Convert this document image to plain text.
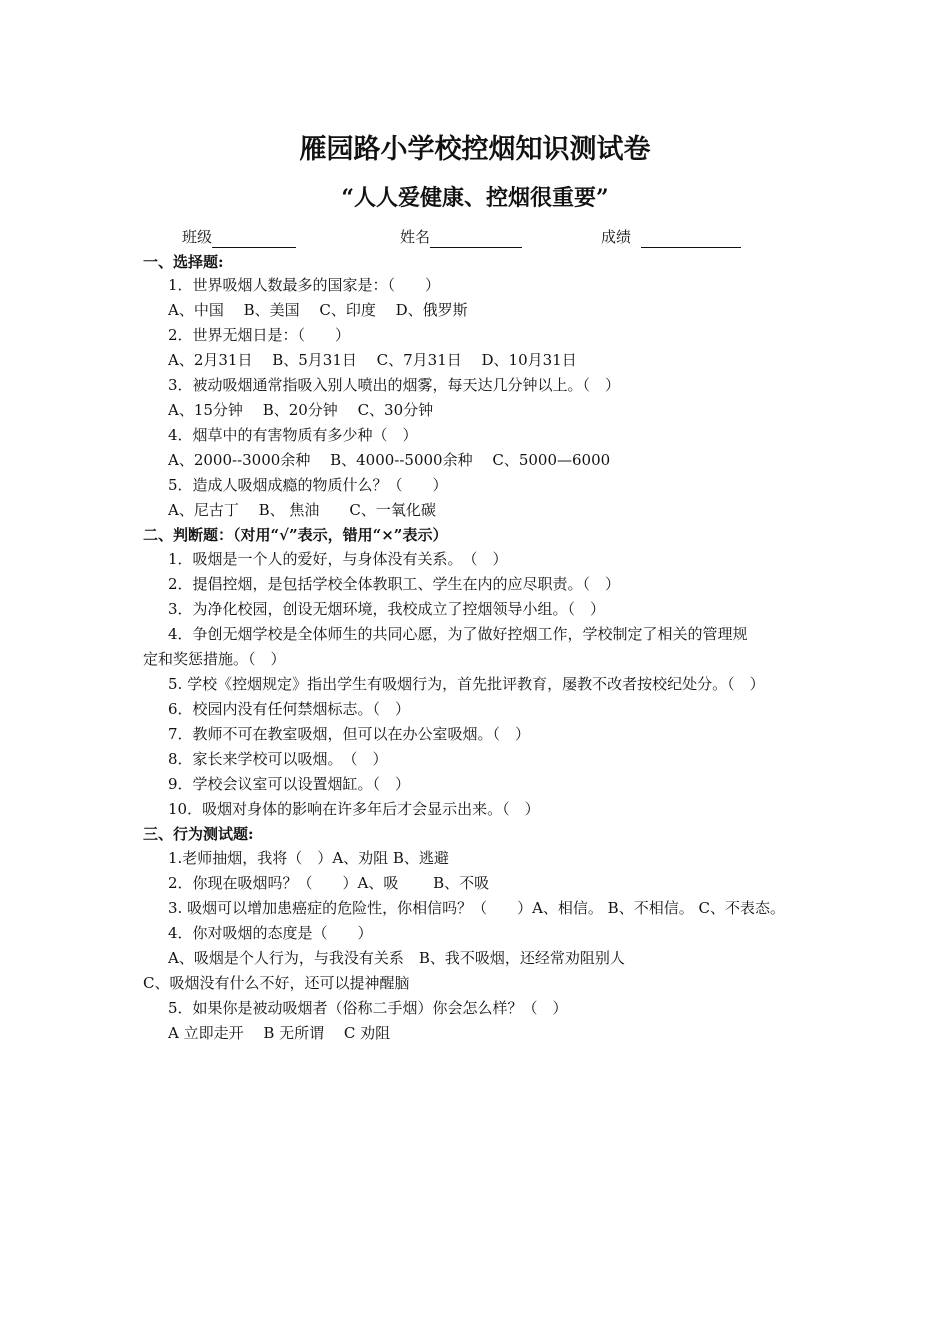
雁园路小学校控烟知识测试卷
“人人爱健康、控烟很重要”
班级	姓名	成绩
一、选择题:
1．世界吸烟人数最多的国家是：（　　）
A、中国　 B、美国　 C、印度　 D、俄罗斯
2．世界无烟日是：（　　）
A、2月31日　 B、5月31日　 C、7月31日　 D、10月31日
3．被动吸烟通常指吸入别人喷出的烟雾，每天达几分钟以上。（　）
A、15分钟　 B、20分钟　 C、30分钟
4．烟草中的有害物质有多少种（　）
A、2000--3000余种　 B、4000--5000余种　 C、5000—6000
5．造成人吸烟成瘾的物质什么？（　　）
A、尼古丁　 B、 焦油　　C、一氧化碳
二、判断题：（对用“√”表示，错用“×”表示）
1．吸烟是一个人的爱好，与身体没有关系。　（　）
2．提倡控烟，是包括学校全体教职工、学生在内的应尽职责。（　）
3．为净化校园，创设无烟环境，我校成立了控烟领导小组。（　）
4．争创无烟学校是全体师生的共同心愿，为了做好控烟工作，学校制定了相关的管理规
定和奖惩措施。（　）
5. 学校《控烟规定》指出学生有吸烟行为，首先批评教育，屡教不改者按校纪处分。（　）
6．校园内没有任何禁烟标志。（　）
7．教师不可在教室吸烟，但可以在办公室吸烟。（　）
8．家长来学校可以吸烟。　（　）
9．学校会议室可以设置烟缸。（　）
10．吸烟对身体的影响在许多年后才会显示出来。（　）
三、行为测试题:
1.老师抽烟，我将（　）A、劝阻 B、逃避
2．你现在吸烟吗？（　　）A、吸　　 B、不吸
3. 吸烟可以增加患癌症的危险性，你相信吗？（　　）A、相信。 B、不相信。 C、不表态。
4．你对吸烟的态度是（　　）
A、吸烟是个人行为，与我没有关系　B、我不吸烟，还经常劝阻别人
C、吸烟没有什么不好，还可以提神醒脑
5．如果你是被动吸烟者（俗称二手烟）你会怎么样？（　）
A 立即走开　 B 无所谓　 C 劝阻
